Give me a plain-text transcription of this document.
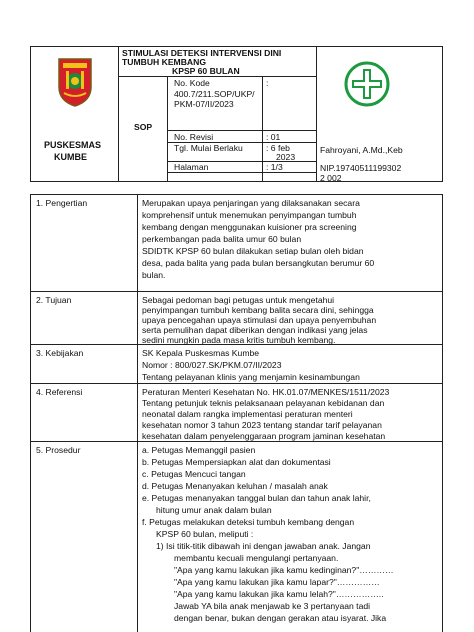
PUSKESMAS
KUMBE
STIMULASI DETEKSI INTERVENSI DINI
TUMBUH KEMBANG
KPSP 60 BULAN
SOP
No. Kode	:
400.7/211.SOP/UKP/
PKM-07/II/2023
No. Revisi	: 01
Tgl. Mulai Berlaku	: 6 feb
2023
Halaman	: 1/3
Fahroyani, A.Md.,Keb
NIP.19740511199302
2 002
1. Pengertian	Merupakan upaya penjaringan yang dilaksanakan secara
komprehensif untuk menemukan penyimpangan tumbuh
kembang dengan menggunakan kuisioner pra screening
perkembangan pada balita umur 60 bulan
SDIDTK KPSP 60 bulan dilakukan setiap bulan oleh bidan
desa, pada balita yang pada bulan bersangkutan berumur 60
bulan.
2. Tujuan	Sebagai pedoman bagi petugas untuk mengetahui
penyimpangan tumbuh kembang balita secara dini, sehingga
upaya pencegahan upaya stimulasi dan upaya penyembuhan
serta pemulihan dapat diberikan dengan indikasi yang jelas
sedini mungkin pada masa kritis tumbuh kembang.
3. Kebijakan	SK Kepala Puskesmas Kumbe
Nomor : 800/027.SK/PKM.07/II/2023
Tentang pelayanan klinis yang menjamin kesinambungan
4. Referensi	Peraturan Menteri Kesehatan No. HK.01.07/MENKES/1511/2023
Tentang petunjuk teknis pelaksanaan pelayanan kebidanan dan
neonatal dalam rangka implementasi peraturan menteri
kesehatan nomor 3 tahun 2023 tentang standar tarif pelayanan
kesehatan dalam penyelenggaraan program jaminan kesehatan
5. Prosedur	a. Petugas Memanggil pasien
b. Petugas Mempersiapkan alat dan dokumentasi
c. Petugas Mencuci tangan
d. Petugas Menanyakan keluhan / masalah anak
e. Petugas menanyakan tanggal bulan dan tahun anak lahir,
hitung umur anak dalam bulan
f. Petugas melakukan deteksi tumbuh kembang dengan
KPSP 60 bulan, meliputi :
1) Isi titik-titik dibawah ini dengan jawaban anak. Jangan
membantu kecuali mengulangi pertanyaan.
"Apa yang kamu lakukan jika kamu kedinginan?"…………
"Apa yang kamu lakukan jika kamu lapar?"……………
"Apa yang kamu lakukan jika kamu lelah?"……………..
Jawab YA bila anak menjawab ke 3 pertanyaan tadi
dengan benar, bukan dengan gerakan atau isyarat. Jika
